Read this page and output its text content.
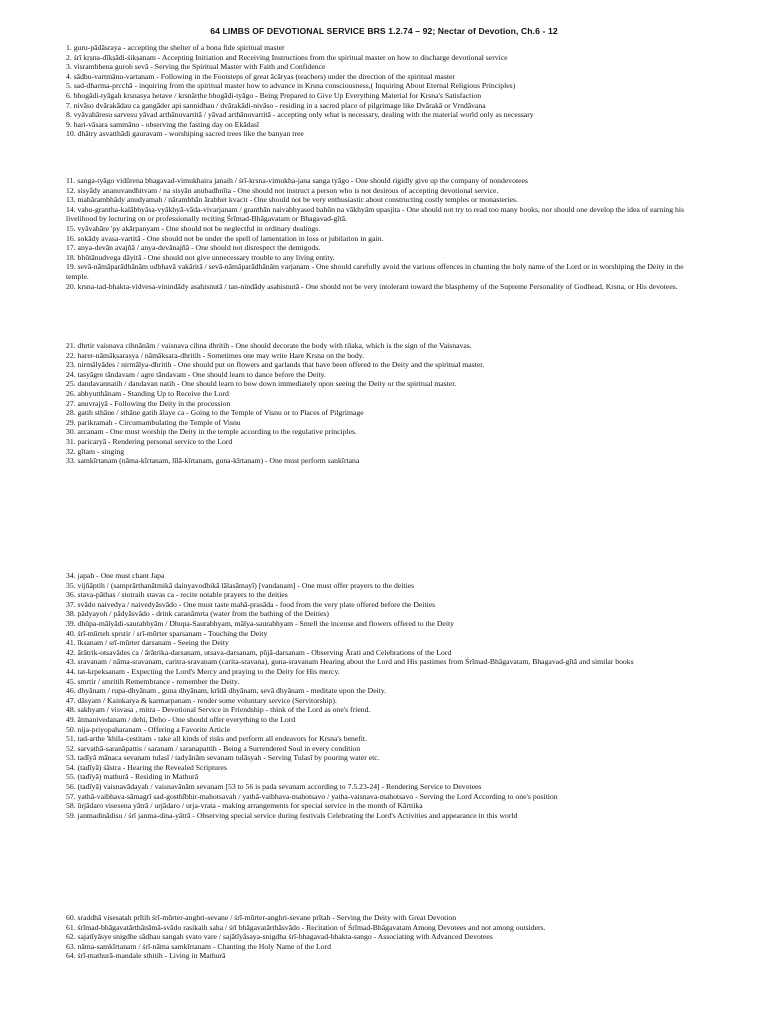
64 LIMBS OF DEVOTIONAL SERVICE BRS 1.2.74 – 92; Nectar of Devotion, Ch.6 - 12
1. guru-pādāsraya - accepting the shelter of a bona fide spiritual master
2. śrī kṛṣna-dīkṣādi-śikṣanam - Accepting Initiation and Receiving Instructions from the spiritual master on how to discharge devotional service
3. visrambhena guroh sevā - Serving the Spiritual Master with Faith and Confidence
4. sādhu-vartmānu-vartanam - Following in the Footsteps of great ācāryas (teachers) under the direction of the spiritual master
5. sad-dharma-prcchā - inquiring from the spiritual master how to advance in Krsna consciousness,( Inquiring About Eternal Religious Principles)
6. bhogādi-tyāgah krsnasya hetave / krsnārthe bhogādi-tyāgo - Being Prepared to Give Up Everything Material for Krsna's Satisfaction
7. nivāso dvārakādau ca gangāder api sannidhau / dvārakādi-nivāso - residing in a sacred place of pilgrimage like Dvārakā or Vrndāvana
8. vyāvahāresu sarvesu yāvad arthānuvartitā / yāvad arthānuvartitā - accepting only what is necessary, dealing with the material world only as necessary
9. hari-vāsara sammāno - observing the fasting day on Ekādasī
10. dhātry asvatthādi gauravam - worshiping sacred trees like the banyan tree
11. sanga-tyāgo vidūrena bhagavad-vimukhaira janaih / śrī-krsna-vimukha-jana sanga tyāgo - One should rigidly give up the company of nondevotees
12. sisyādy ananuvandhitvam / na sisyān anubadhnīta - One should not instruct a person who is not desirous of accepting devotional service.
13. mahārambhādy anudyamah / nārambhān ārabhet kvacit - One should not be very enthusiastic about constructing costly temples or monasteries.
14. vahu-grantha-kalābhyāsa-vyākhyā-vāda-vivarjanam / granthān naivabhyased bahūn na vākhyām upasjita - One should not try to read too many books, nor should one develop the idea of earning his livelihood by lecturing on or professionally reciting Śrīmad-Bhāgavatam or Bhagavad-gītā.
15. vyāvahāre 'py akārpanyam - One should not be neglectful in ordinary dealings.
16. sokādy avasa-vartitā - One should not be under the spell of lamentation in loss or jubilation in gain.
17. anya-devān avajñā / anya-devānajñā - One should not disrespect the demigods.
18. bhūtānudvega dāyitā - One should not give unnecessary trouble to any living entity.
19. sevā-nāmāparādhānām udbhavā vakāritā / sevā-nāmāparādhānām varjanam - One should carefully avoid the various offences in chanting the holy name of the Lord or in worshiping the Deity in the temple.
20. krsna-tad-bhakta-vidvesa-vinindādy asahisnutā / tan-nindādy asahisnutā - One should not be very intolerant toward the blasphemy of the Supreme Personality of Godhead, Krsna, or His devotees.
21. dhrtir vaisnava cihnānām / vaisnava cihna dhritih - One should decorate the body with tilaka, which is the sign of the Vaisnavas.
22. harer-nāmāksarasya / nāmāksara-dhritih - Sometimes one may write Hare Krsna on the body.
23. nirmālyādes / nirmālya-dhritih - One should put on flowers and garlands that have been offered to the Deity and the spiritual master.
24. tasyāgre tāndavam / agre tāndavam - One should learn to dance before the Deity.
25. dandavannatih / dandavan natih - One should learn to bow down immediately upon seeing the Deity or the spiritual master.
26. abhyutthānam - Standing Up to Receive the Lord
27. anuvrajyā - Following the Deity in the procession
28. gatih sthāne / sthāne gatih ālaye ca - Going to the Temple of Visnu or to Places of Pilgrimage
29. parikramah - Circumambulating the Temple of Visnu
30. arcanam - One must worship the Deity in the temple according to the regulative principles.
31. paricaryā - Rendering personal service to the Lord
32. gītam - singing
33. samkīrtanam (nāma-kīrtanam, līlā-kīrtanam, guna-kīrtanam) - One must perform sankīrtana
34. japah - One must chant Japa
35. vijñāptih / (samprārthanātmikā dainyavodhikā lālasāmayī) [vandanam] - One must offer prayers to the deities
36. stava-pāthas / stotraih stavas ca - recite notable prayers to the deities
37. svādo naivedya / naivedyāsvādo - One must taste mahā-prasāda - food from the very plate offered before the Deities
38. pādyayoh / pādyāsvādo - drink caranāmrta (water from the bathing of the Deities)
39. dhūpa-mālyādi-saurabhyām / Dhupa-Saurabhyam, mālya-saurabhyam - Smell the incense and flowers offered to the Deity
40. śrī-mūrteh sprstir / srī-mūrter sparsanam - Touching the Deity
41. īksanam / srī-mūrter darsanam - Seeing the Deity
42. ārātrik-otsavādes ca / ārātrika-darsanam, utsava-darsanam, pūjā-darsanam - Observing Ārati and Celebrations of the Lord
43. sravanam / nāma-sravanam, caritra-sravanam (carita-sravana), guna-sravanam Hearing about the Lord and His pastimes from Śrīmad-Bhāgavatam, Bhagavad-gītā and similar books
44. tat-krpeksanam - Expecting the Lord's Mercy and praying to the Deity for His mercy.
45. smrtir / smritih Remembrance - remember the Deity.
46. dhyānam / rupa-dhyānam , guna dhyānam, krīdā dhyānam, sevā dhyānam - meditate upon the Deity.
47. dāsyam / Kainkarya & karmarpanam - render some voluntary service (Servitorship).
48. sakhyam / visvasa , mitra - Devotional Service in Friendship - think of the Lord as one's friend.
49. ātmanivedanam / dehi, Deho - One should offer everything to the Lord
50. nija-priyopaharanam - Offering a Favorite Article
51. tad-arthe 'khila-cestitam - take all kinds of risks and perform all endeavors for Krsna's benefit.
52. sarvathā-saranāpattis / saranam / saranapattih - Being a Surrendered Soul in every condition
53. tadīyā mānaca sevanam tulasī / tadyānām sevanam tulāsyah - Serving Tulasī by pouring water etc.
54. (tadīyā) śāstra - Hearing the Revealed Scriptures
55. (tadīyā) mathurā - Residing in Mathurā
56. (tadīyā) vaisnavādayah / vaisnavānām sevanam [53 to 56 is pada sevanam according to 7.5.23-24] - Rendering Service to Devotees
57. yathā-vaibhava-sāmagrī sad-gosthībhir-mahotsavah / yathā-vaibhava-mahotsavo / yatha-vaisnava-mahotsavo - Serving the Lord According to one's position
58. ūrjādaro visesena yātrā / urjādaro / urja-vrata - making arrangements for special service in the month of Kārttika
59. janmadinādisu / śrī janma-dina-yātrā - Observing special service during festivals Celebrating the Lord's Activities and appearance in this world
60. sraddhā visesatah prītih śrī-mūrter-anghri-sevane / śrī-mūrter-anghri-sevane prītah - Serving the Deity with Great Devotion
61. śrīmad-bhāgavatārthānāmā-svādo rasikaih saha / śrī bhāgavatārthāsvādo - Recitation of Śrīmad-Bhāgavatam Among Devotees and not among outsiders.
62. sajatīyāsye snigdhe sādhau sangah svato vare / sajātīyāsaya-snigdha śrī-bhagavad-bhakta-sango - Associating with Advanced Devotees
63. nāma-samkīrtanam / śrī-nāma samkīrtanam - Chanting the Holy Name of the Lord
64. śrī-mathurā-mandale sthitih - Living in Mathurā
